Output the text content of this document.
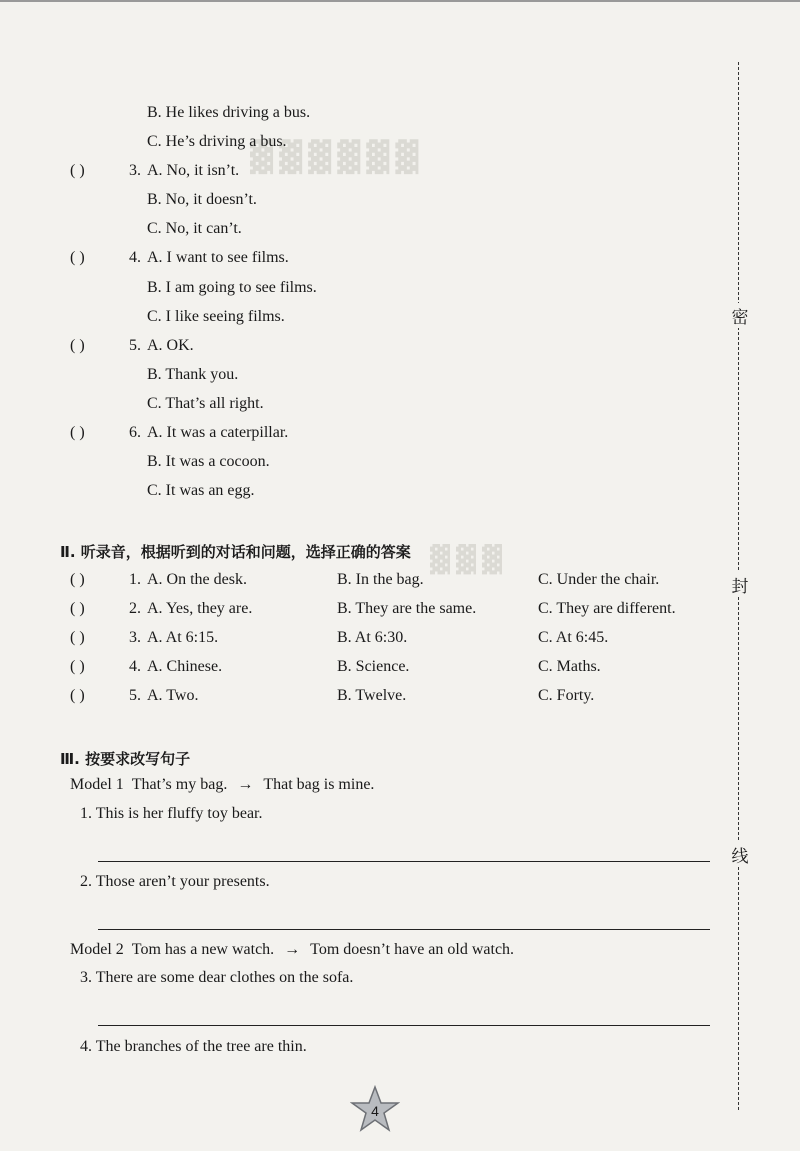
▓▓▓▓▓▓
▓▓▓
B. He likes driving a bus.
C. He’s driving a bus.
( )	3. A. No, it isn’t.
B. No, it doesn’t.
C. No, it can’t.
( )	4. A. I want to see films.
B. I am going to see films.
C. I like seeing films.
( )	5. A. OK.
B. Thank you.
C. That’s all right.
( )	6. A. It was a caterpillar.
B. It was a cocoon.
C. It was an egg.
Ⅱ. 听录音，根据听到的对话和问题，选择正确的答案
( )	1. A. On the desk.	B. In the bag.	C. Under the chair.
( )	2. A. Yes, they are.	B. They are the same.	C. They are different.
( )	3. A. At 6:15.	B. At 6:30.	C. At 6:45.
( )	4. A. Chinese.	B. Science.	C. Maths.
( )	5. A. Two.	B. Twelve.	C. Forty.
Ⅲ. 按要求改写句子
Model 1 That’s my bag. → That bag is mine.
1. This is her fluffy toy bear.
2. Those aren’t your presents.
Model 2 Tom has a new watch. → Tom doesn’t have an old watch.
3. There are some dear clothes on the sofa.
4. The branches of the tree are thin.
密
封
线
4
